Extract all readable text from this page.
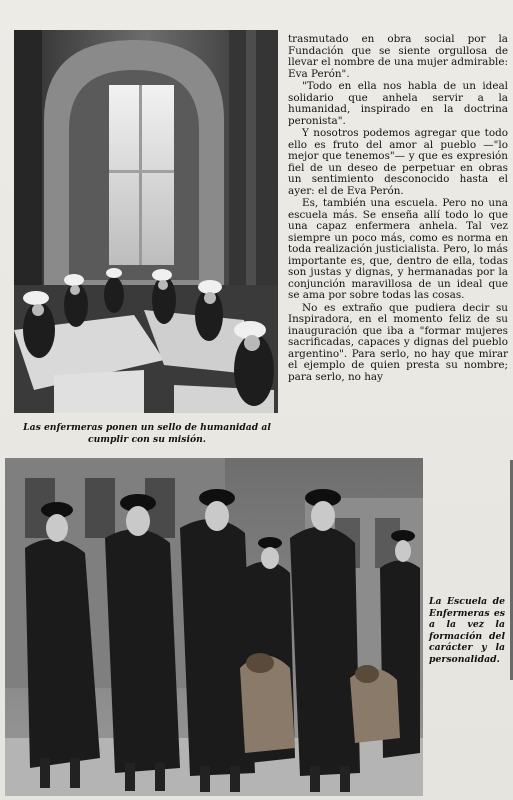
Las enfermeras ponen un sello de humanidad al cumplir con su misión.

trasmutado en obra social por la Fundación que se siente orgullosa de llevar el nombre de una mujer admirable: Eva Perón".

"Todo en ella nos habla de un ideal solidario que anhela servir a la humanidad, inspirado en la doctrina peronista".

Y nosotros podemos agregar que todo ello es fruto del amor al pueblo —"lo mejor que tenemos"— y que es expresión fiel de un deseo de perpetuar en obras un sentimiento desconocido hasta el ayer: el de Eva Perón.

Es, también una escuela. Pero no una escuela más. Se enseña allí todo lo que una capaz enfermera anhela. Tal vez siempre un poco más, como es norma en toda realización justicialista. Pero, lo más importante es, que, dentro de ella, todas son justas y dignas, y hermanadas por la conjunción maravillosa de un ideal que se ama por sobre todas las cosas.

No es extraño que pudiera decir su Inspiradora, en el momento feliz de su inauguración que iba a "formar mujeres sacrificadas, capaces y dignas del pueblo argentino". Para serlo, no hay que mirar el ejemplo de quien presta su nombre; para serlo, no hay

La Escuela de Enfermeras es a la vez la formación del carácter y la personalidad.
